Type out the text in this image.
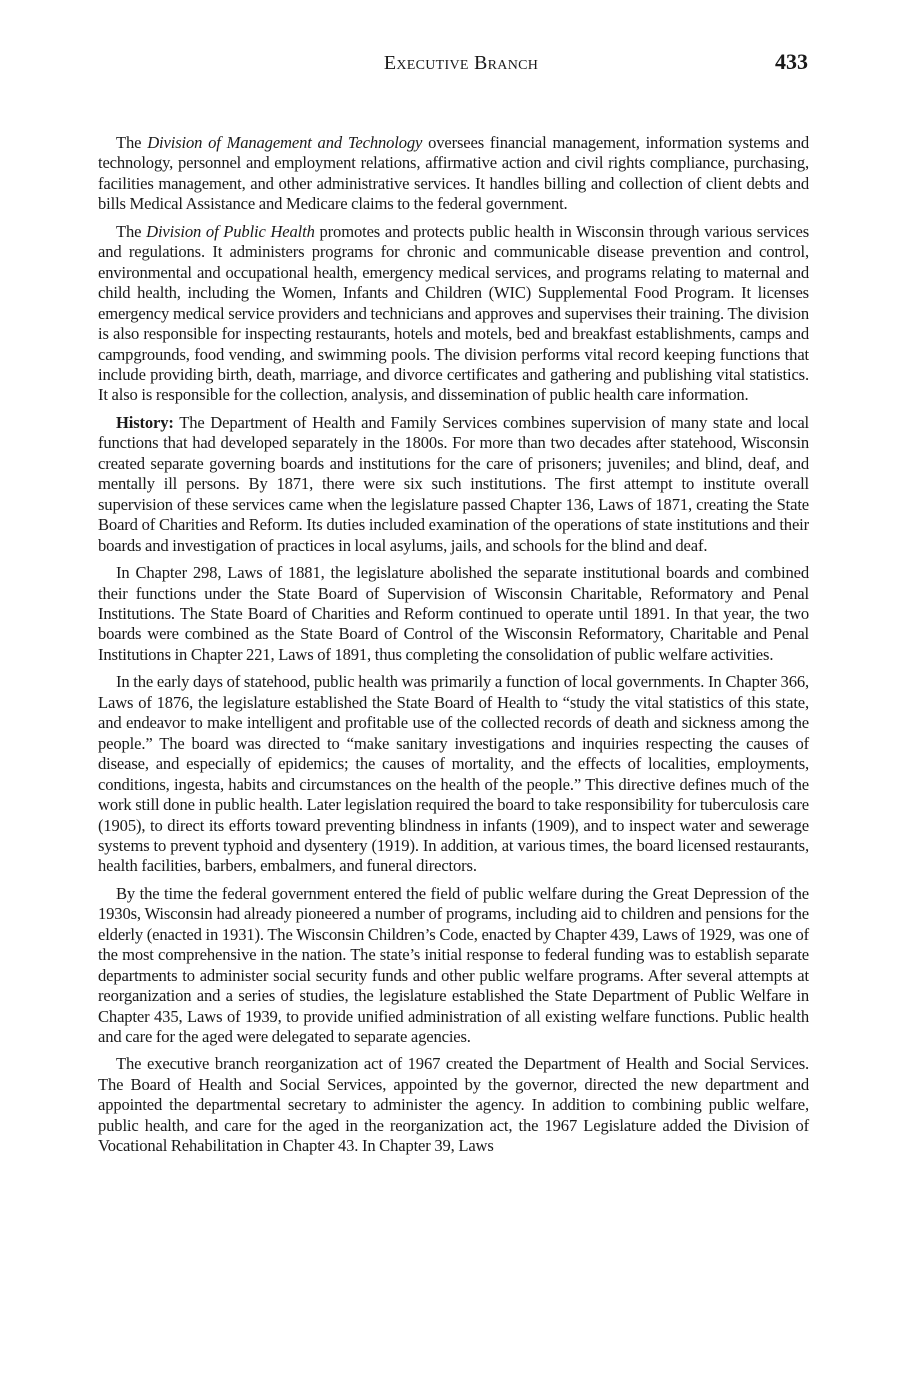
Executive Branch	433

The Division of Management and Technology oversees financial management, information systems and technology, personnel and employment relations, affirmative action and civil rights compliance, purchasing, facilities management, and other administrative services. It handles billing and collection of client debts and bills Medical Assistance and Medicare claims to the federal government.

The Division of Public Health promotes and protects public health in Wisconsin through various services and regulations. It administers programs for chronic and communicable disease prevention and control, environmental and occupational health, emergency medical services, and programs relating to maternal and child health, including the Women, Infants and Children (WIC) Supplemental Food Program. It licenses emergency medical service providers and technicians and approves and supervises their training. The division is also responsible for inspecting restaurants, hotels and motels, bed and breakfast establishments, camps and campgrounds, food vending, and swimming pools. The division performs vital record keeping functions that include providing birth, death, marriage, and divorce certificates and gathering and publishing vital statistics. It also is responsible for the collection, analysis, and dissemination of public health care information.

History: The Department of Health and Family Services combines supervision of many state and local functions that had developed separately in the 1800s. For more than two decades after statehood, Wisconsin created separate governing boards and institutions for the care of prisoners; juveniles; and blind, deaf, and mentally ill persons. By 1871, there were six such institutions. The first attempt to institute overall supervision of these services came when the legislature passed Chapter 136, Laws of 1871, creating the State Board of Charities and Reform. Its duties included examination of the operations of state institutions and their boards and investigation of practices in local asylums, jails, and schools for the blind and deaf.

In Chapter 298, Laws of 1881, the legislature abolished the separate institutional boards and combined their functions under the State Board of Supervision of Wisconsin Charitable, Reformatory and Penal Institutions. The State Board of Charities and Reform continued to operate until 1891. In that year, the two boards were combined as the State Board of Control of the Wisconsin Reformatory, Charitable and Penal Institutions in Chapter 221, Laws of 1891, thus completing the consolidation of public welfare activities.

In the early days of statehood, public health was primarily a function of local governments. In Chapter 366, Laws of 1876, the legislature established the State Board of Health to “study the vital statistics of this state, and endeavor to make intelligent and profitable use of the collected records of death and sickness among the people.” The board was directed to “make sanitary investigations and inquiries respecting the causes of disease, and especially of epidemics; the causes of mortality, and the effects of localities, employments, conditions, ingesta, habits and circumstances on the health of the people.” This directive defines much of the work still done in public health. Later legislation required the board to take responsibility for tuberculosis care (1905), to direct its efforts toward preventing blindness in infants (1909), and to inspect water and sewerage systems to prevent typhoid and dysentery (1919). In addition, at various times, the board licensed restaurants, health facilities, barbers, embalmers, and funeral directors.

By the time the federal government entered the field of public welfare during the Great Depression of the 1930s, Wisconsin had already pioneered a number of programs, including aid to children and pensions for the elderly (enacted in 1931). The Wisconsin Children’s Code, enacted by Chapter 439, Laws of 1929, was one of the most comprehensive in the nation. The state’s initial response to federal funding was to establish separate departments to administer social security funds and other public welfare programs. After several attempts at reorganization and a series of studies, the legislature established the State Department of Public Welfare in Chapter 435, Laws of 1939, to provide unified administration of all existing welfare functions. Public health and care for the aged were delegated to separate agencies.

The executive branch reorganization act of 1967 created the Department of Health and Social Services. The Board of Health and Social Services, appointed by the governor, directed the new department and appointed the departmental secretary to administer the agency. In addition to combining public welfare, public health, and care for the aged in the reorganization act, the 1967 Legislature added the Division of Vocational Rehabilitation in Chapter 43. In Chapter 39, Laws
